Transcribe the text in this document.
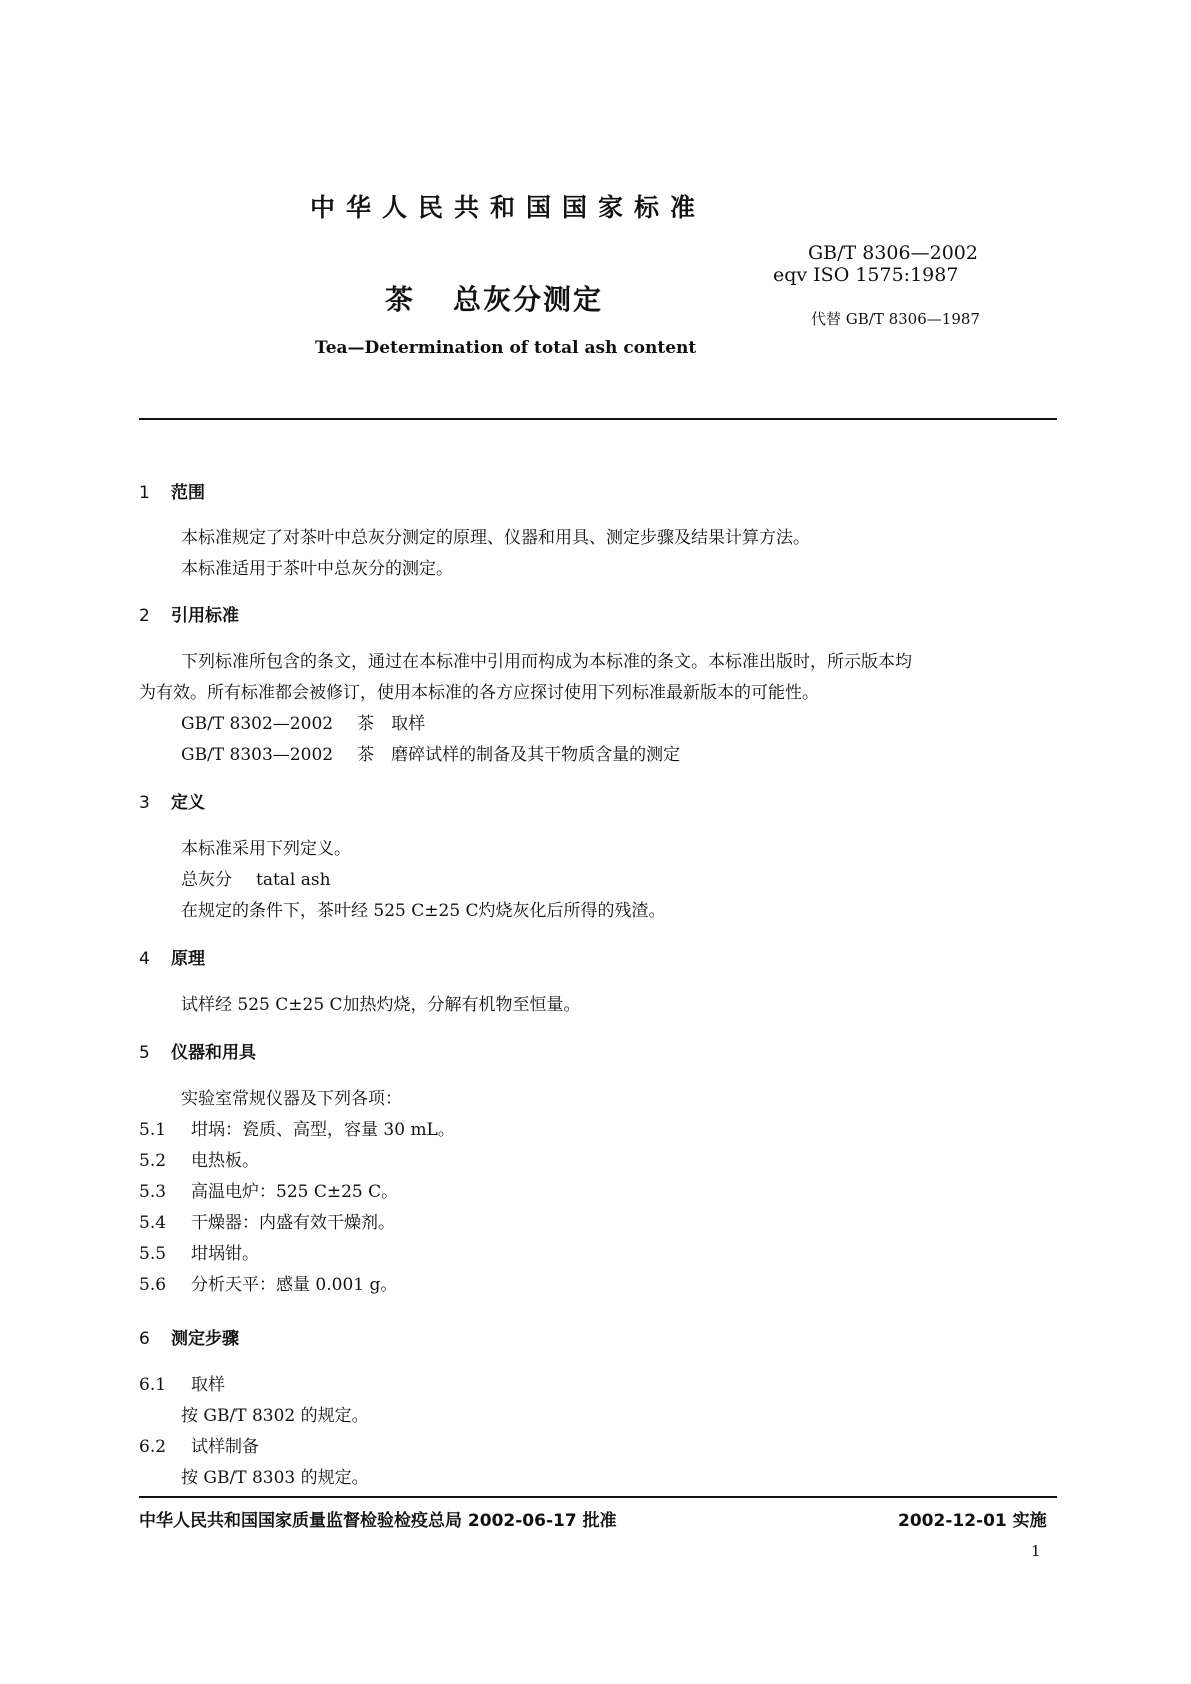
中华人民共和国国家标准
GB/T 8306—2002
eqv ISO 1575:1987
代替 GB/T 8306—1987
茶 总灰分测定
Tea—Determination of total ash content
1 范围
本标准规定了对茶叶中总灰分测定的原理、仪器和用具、测定步骤及结果计算方法。
本标准适用于茶叶中总灰分的测定。
2 引用标准
下列标准所包含的条文，通过在本标准中引用而构成为本标准的条文。本标准出版时，所示版本均
为有效。所有标准都会被修订，使用本标准的各方应探讨使用下列标准最新版本的可能性。
GB/T 8302—2002 茶　取样
GB/T 8303—2002 茶　磨碎试样的制备及其干物质含量的测定
3 定义
本标准采用下列定义。
总灰分 tatal ash
在规定的条件下，茶叶经 525 C±25 C灼烧灰化后所得的残渣。
4 原理
试样经 525 C±25 C加热灼烧，分解有机物至恒量。
5 仪器和用具
实验室常规仪器及下列各项：
5.1 坩埚：瓷质、高型，容量 30 mL。
5.2 电热板。
5.3 高温电炉：525 C±25 C。
5.4 干燥器：内盛有效干燥剂。
5.5 坩埚钳。
5.6 分析天平：感量 0.001 g。
6 测定步骤
6.1 取样
按 GB/T 8302 的规定。
6.2 试样制备
按 GB/T 8303 的规定。
中华人民共和国国家质量监督检验检疫总局 2002-06-17 批准	2002-12-01 实施
1
